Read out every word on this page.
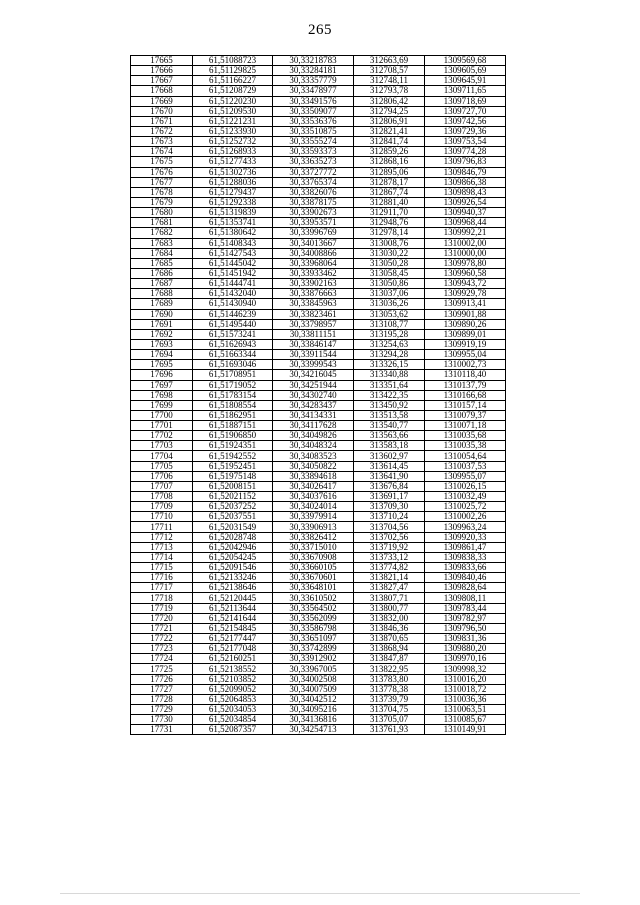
265
17665	61,51088723	30,33218783	312663,69	1309569,68
17666	61,51129825	30,33284181	312708,57	1309605,69
17667	61,51166227	30,33357779	312748,11	1309645,91
17668	61,51208729	30,33478977	312793,78	1309711,65
17669	61,51220230	30,33491576	312806,42	1309718,69
17670	61,51209530	30,33509077	312794,25	1309727,70
17671	61,51221231	30,33536376	312806,91	1309742,56
17672	61,51233930	30,33510875	312821,41	1309729,36
17673	61,51252732	30,33555274	312841,74	1309753,54
17674	61,51268933	30,33593373	312859,26	1309774,28
17675	61,51277433	30,33635273	312868,16	1309796,83
17676	61,51302736	30,33727772	312895,06	1309846,79
17677	61,51288036	30,33765374	312878,17	1309866,38
17678	61,51279437	30,33826076	312867,74	1309898,43
17679	61,51292338	30,33878175	312881,40	1309926,54
17680	61,51319839	30,33902673	312911,70	1309940,37
17681	61,51353741	30,33953571	312948,76	1309968,44
17682	61,51380642	30,33996769	312978,14	1309992,21
17683	61,51408343	30,34013667	313008,76	1310002,00
17684	61,51427543	30,34008866	313030,22	1310000,00
17685	61,51445042	30,33968064	313050,28	1309978,80
17686	61,51451942	30,33933462	313058,45	1309960,58
17687	61,51444741	30,33902163	313050,86	1309943,72
17688	61,51432040	30,33876663	313037,06	1309929,78
17689	61,51430940	30,33845963	313036,26	1309913,41
17690	61,51446239	30,33823461	313053,62	1309901,88
17691	61,51495440	30,33798957	313108,77	1309890,26
17692	61,51573241	30,33811151	313195,28	1309899,01
17693	61,51626943	30,33846147	313254,63	1309919,19
17694	61,51663344	30,33911544	313294,28	1309955,04
17695	61,51693046	30,33999543	313326,15	1310002,73
17696	61,51708951	30,34216045	313340,88	1310118,40
17697	61,51719052	30,34251944	313351,64	1310137,79
17698	61,51783154	30,34302740	313422,35	1310166,68
17699	61,51808554	30,34283437	313450,92	1310157,14
17700	61,51862951	30,34134331	313513,58	1310079,37
17701	61,51887151	30,34117628	313540,77	1310071,18
17702	61,51906850	30,34049826	313563,66	1310035,68
17703	61,51924351	30,34048324	313583,18	1310035,38
17704	61,51942552	30,34083523	313602,97	1310054,64
17705	61,51952451	30,34050822	313614,45	1310037,53
17706	61,51975148	30,33894618	313641,90	1309955,07
17707	61,52008151	30,34026417	313676,84	1310026,15
17708	61,52021152	30,34037616	313691,17	1310032,49
17709	61,52037252	30,34024014	313709,30	1310025,72
17710	61,52037551	30,33979914	313710,24	1310002,26
17711	61,52031549	30,33906913	313704,56	1309963,24
17712	61,52028748	30,33826412	313702,56	1309920,33
17713	61,52042946	30,33715010	313719,92	1309861,47
17714	61,52054245	30,33670908	313733,12	1309838,33
17715	61,52091546	30,33660105	313774,82	1309833,66
17716	61,52133246	30,33670601	313821,14	1309840,46
17717	61,52138646	30,33648101	313827,47	1309828,64
17718	61,52120445	30,33610502	313807,71	1309808,11
17719	61,52113644	30,33564502	313800,77	1309783,44
17720	61,52141644	30,33562099	313832,00	1309782,97
17721	61,52154845	30,33586798	313846,36	1309796,50
17722	61,52177447	30,33651097	313870,65	1309831,36
17723	61,52177048	30,33742899	313868,94	1309880,20
17724	61,52160251	30,33912902	313847,87	1309970,16
17725	61,52138552	30,33967005	313822,95	1309998,32
17726	61,52103852	30,34002508	313783,80	1310016,20
17727	61,52099052	30,34007509	313778,38	1310018,72
17728	61,52064853	30,34042512	313739,79	1310036,36
17729	61,52034053	30,34095216	313704,75	1310063,51
17730	61,52034854	30,34136816	313705,07	1310085,67
17731	61,52087357	30,34254713	313761,93	1310149,91
